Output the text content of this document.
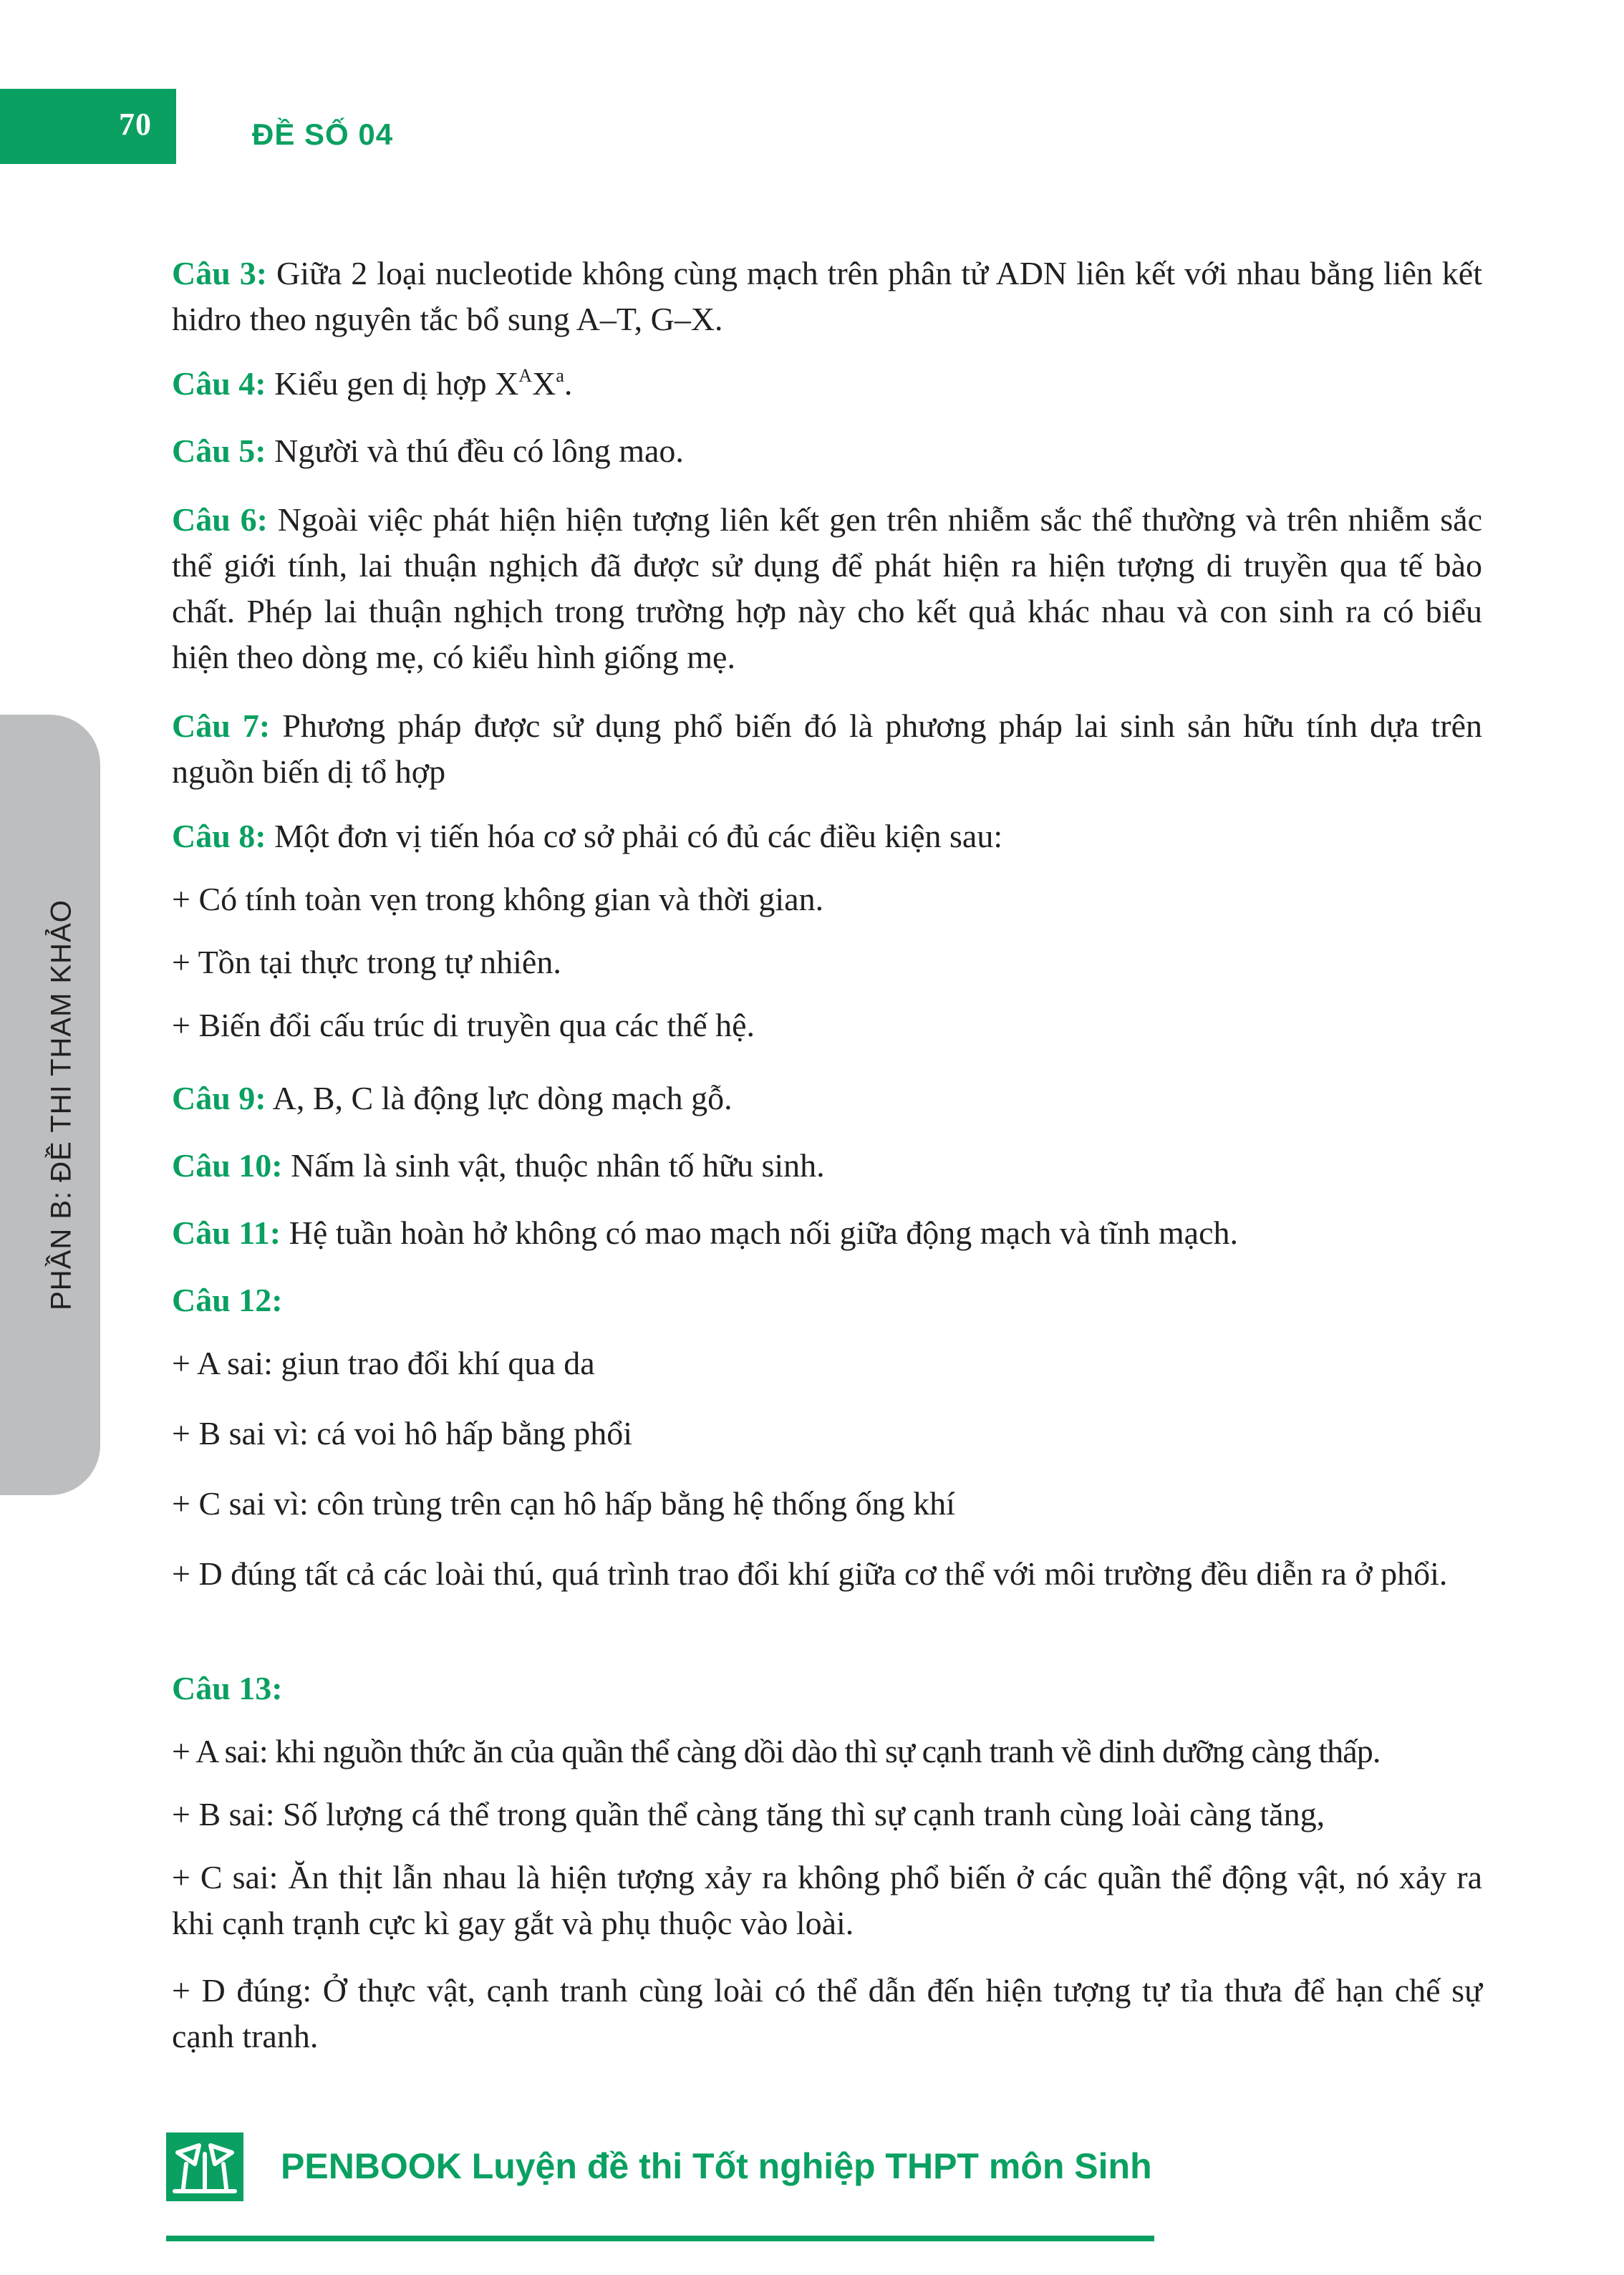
70	ĐỀ SỐ 04
PHẦN B: ĐỀ THI THAM KHẢO

Câu 3: Giữa 2 loại nucleotide không cùng mạch trên phân tử ADN liên kết với nhau bằng liên kết hidro theo nguyên tắc bổ sung A–T, G–X.

Câu 4: Kiểu gen dị hợp $X^AX^a$.

Câu 5: Người và thú đều có lông mao.

Câu 6: Ngoài việc phát hiện hiện tượng liên kết gen trên nhiễm sắc thể thường và trên nhiễm sắc thể giới tính, lai thuận nghịch đã được sử dụng để phát hiện ra hiện tượng di truyền qua tế bào chất. Phép lai thuận nghịch trong trường hợp này cho kết quả khác nhau và con sinh ra có biểu hiện theo dòng mẹ, có kiểu hình giống mẹ.

Câu 7: Phương pháp được sử dụng phổ biến đó là phương pháp lai sinh sản hữu tính dựa trên nguồn biến dị tổ hợp

Câu 8: Một đơn vị tiến hóa cơ sở phải có đủ các điều kiện sau:

+ Có tính toàn vẹn trong không gian và thời gian.

+ Tồn tại thực trong tự nhiên.

+ Biến đổi cấu trúc di truyền qua các thế hệ.

Câu 9: A, B, C là động lực dòng mạch gỗ.

Câu 10: Nấm là sinh vật, thuộc nhân tố hữu sinh.

Câu 11: Hệ tuần hoàn hở không có mao mạch nối giữa động mạch và tĩnh mạch.

Câu 12:

+ A sai: giun trao đổi khí qua da

+ B sai vì: cá voi hô hấp bằng phổi

+ C sai vì: côn trùng trên cạn hô hấp bằng hệ thống ống khí

+ D đúng tất cả các loài thú, quá trình trao đổi khí giữa cơ thể với môi trường đều diễn ra ở phổi.

Câu 13:

+ A sai: khi nguồn thức ăn của quần thể càng dồi dào thì sự cạnh tranh về dinh dưỡng càng thấp.

+ B sai: Số lượng cá thể trong quần thể càng tăng thì sự cạnh tranh cùng loài càng tăng,

+ C sai: Ăn thịt lẫn nhau là hiện tượng xảy ra không phổ biến ở các quần thể động vật, nó xảy ra khi cạnh trạnh cực kì gay gắt và phụ thuộc vào loài.

+ D đúng: Ở thực vật, cạnh tranh cùng loài có thể dẫn đến hiện tượng tự tỉa thưa để hạn chế sự cạnh tranh.

PENBOOK Luyện đề thi Tốt nghiệp THPT môn Sinh
